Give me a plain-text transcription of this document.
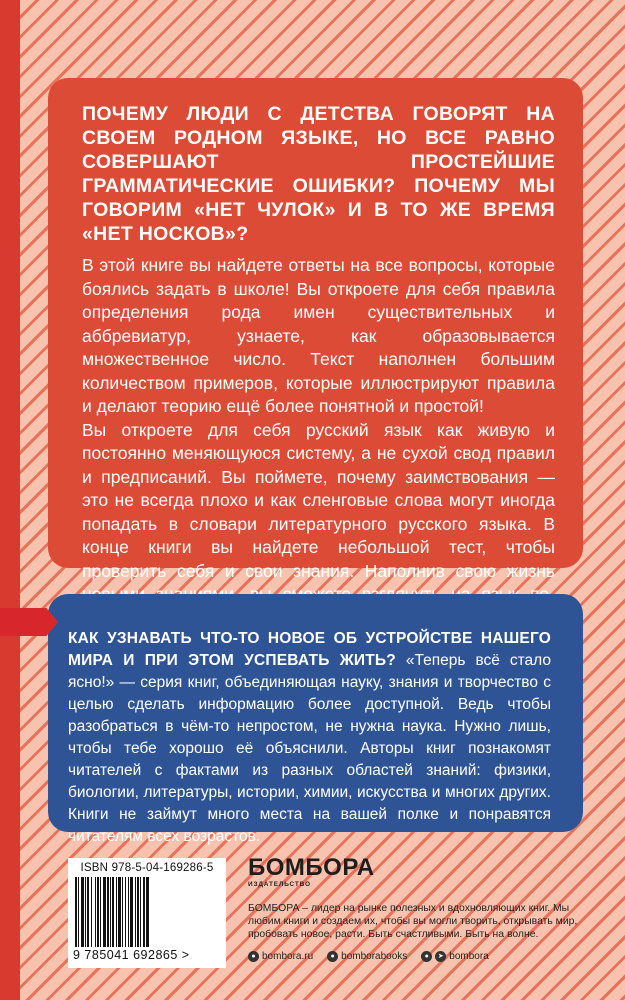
ПОЧЕМУ ЛЮДИ С ДЕТСТВА ГОВОРЯТ НА СВОЕМ РОДНОМ ЯЗЫКЕ, НО ВСЕ РАВНО СОВЕРШАЮТ ПРОСТЕЙШИЕ ГРАММАТИЧЕСКИЕ ОШИБКИ? ПОЧЕМУ МЫ ГОВОРИМ «НЕТ ЧУЛОК» И В ТО ЖЕ ВРЕМЯ «НЕТ НОСКОВ»?

В этой книге вы найдете ответы на все вопросы, которые боялись задать в школе! Вы откроете для себя правила определения рода имен существительных и аббревиатур, узнаете, как образовывается множественное число. Текст наполнен большим количеством примеров, которые иллюстрируют правила и делают теорию ещё более понятной и простой!

Вы откроете для себя русский язык как живую и постоянно меняющуюся систему, а не сухой свод правил и предписаний. Вы поймете, почему заимствования — это не всегда плохо и как сленговые слова могут иногда попадать в словари литературного русского языка. В конце книги вы найдете небольшой тест, чтобы проверить себя и свои знания. Наполнив свою жизнь

КАК УЗНАВАТЬ ЧТО-ТО НОВОЕ ОБ УСТРОЙСТВЕ НАШЕГО МИРА И ПРИ ЭТОМ УСПЕВАТЬ ЖИТЬ? «Теперь всё стало ясно!» — серия книг, объединяющая науку, знания и творчество с целью сделать информацию более доступной. Ведь чтобы разобраться в чём-то непростом, не нужна наука. Нужно лишь, чтобы тебе хорошо её объяснили. Авторы книг познакомят читателей с фактами из разных областей знаний: физики, биологии, литературы, истории, химии, искусства и многих других. Книги не займут много места на вашей полке и понравятся читателям всех возрастов.
ISBN 978-5-04-169286-5
9 785041 692865 >
БОМБОРА
ИЗДАТЕЛЬСТВО
БОМБОРА – лидер на рынке полезных и вдохновляющих книг. Мы любим книги и создаем их, чтобы вы могли творить, открывать мир, пробовать новое, расти. Быть счастливыми. Быть на волне.
● bombora.ru	● bomborabooks	●	➤ bombora
